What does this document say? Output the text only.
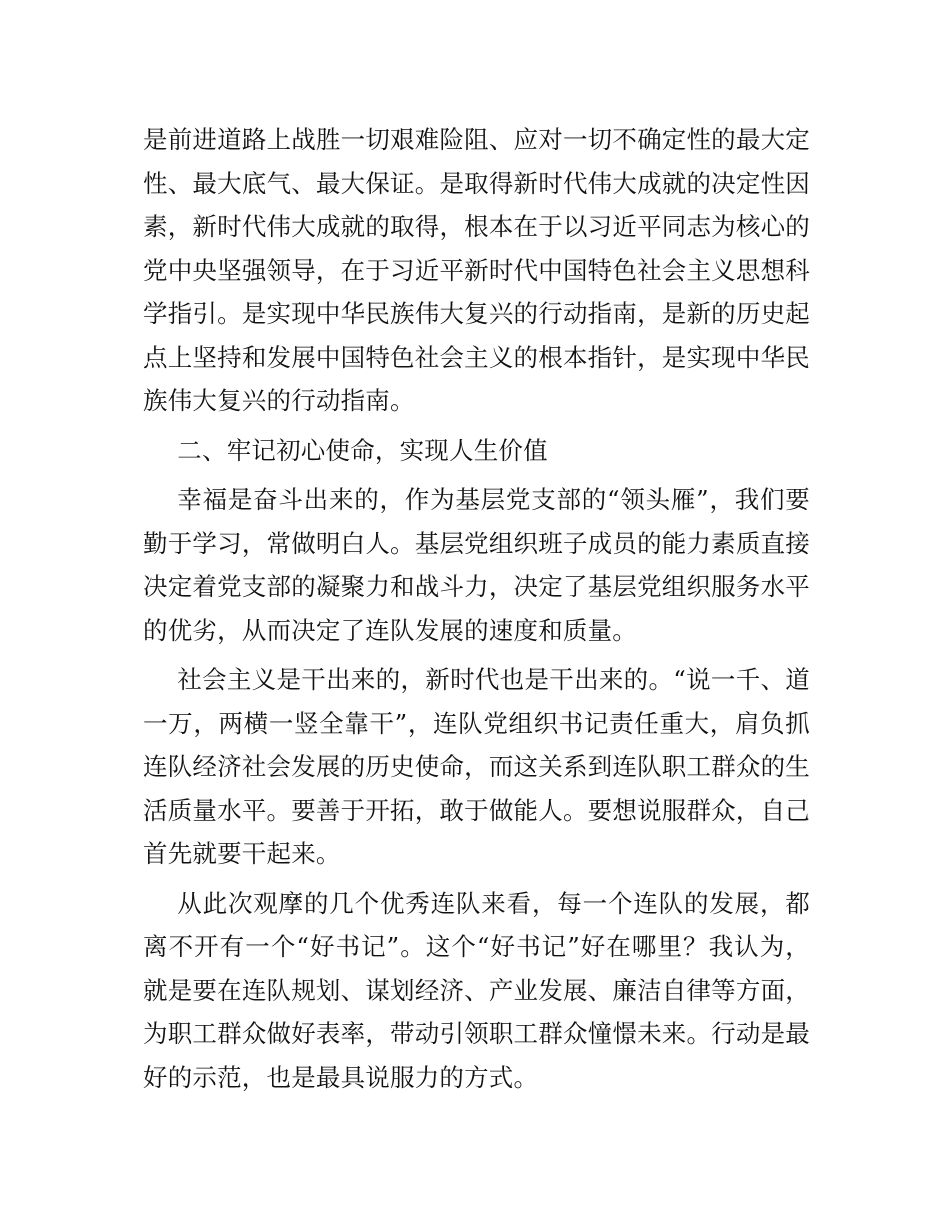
是前进道路上战胜一切艰难险阻、应对一切不确定性的最大定性、最大底气、最大保证。是取得新时代伟大成就的决定性因素，新时代伟大成就的取得，根本在于以习近平同志为核心的党中央坚强领导，在于习近平新时代中国特色社会主义思想科学指引。是实现中华民族伟大复兴的行动指南，是新的历史起点上坚持和发展中国特色社会主义的根本指针，是实现中华民族伟大复兴的行动指南。

二、牢记初心使命，实现人生价值

幸福是奋斗出来的，作为基层党支部的“领头雁”，我们要勤于学习，常做明白人。基层党组织班子成员的能力素质直接决定着党支部的凝聚力和战斗力，决定了基层党组织服务水平的优劣，从而决定了连队发展的速度和质量。

社会主义是干出来的，新时代也是干出来的。“说一千、道一万，两横一竖全靠干”，连队党组织书记责任重大，肩负抓连队经济社会发展的历史使命，而这关系到连队职工群众的生活质量水平。要善于开拓，敢于做能人。要想说服群众，自己首先就要干起来。

从此次观摩的几个优秀连队来看，每一个连队的发展，都离不开有一个“好书记”。这个“好书记”好在哪里？我认为，就是要在连队规划、谋划经济、产业发展、廉洁自律等方面，为职工群众做好表率，带动引领职工群众憧憬未来。行动是最好的示范，也是最具说服力的方式。
